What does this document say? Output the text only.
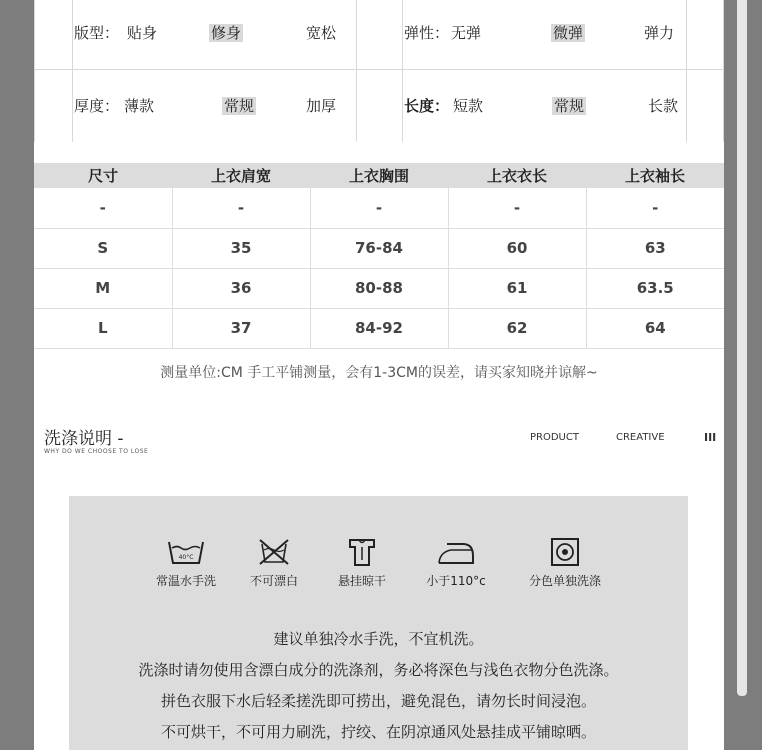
版型： 贴身	修身	宽松	弹性： 无弹	微弹	弹力
厚度： 薄款	常规	加厚	长度： 短款	常规	长款
尺寸	上衣肩宽	上衣胸围	上衣衣长	上衣袖长
-	-	-	-	-
S	35	76-84	60	63
M	36	80-88	61	63.5
L	37	84-92	62	64
测量单位:CM 手工平铺测量，会有1-3CM的误差，请买家知晓并谅解~
洗涤说明 -
WHY DO WE CHOOSE TO LOSE
PRODUCT	CREATIVE	III
40°C
常温水手洗	不可漂白	悬挂晾干	小于110°c	分色单独洗涤
建议单独冷水手洗，不宜机洗。
洗涤时请勿使用含漂白成分的洗涤剂，务必将深色与浅色衣物分色洗涤。
拼色衣服下水后轻柔搓洗即可捞出，避免混色，请勿长时间浸泡。
不可烘干，不可用力刷洗，拧绞、在阴凉通风处悬挂成平铺晾晒。
